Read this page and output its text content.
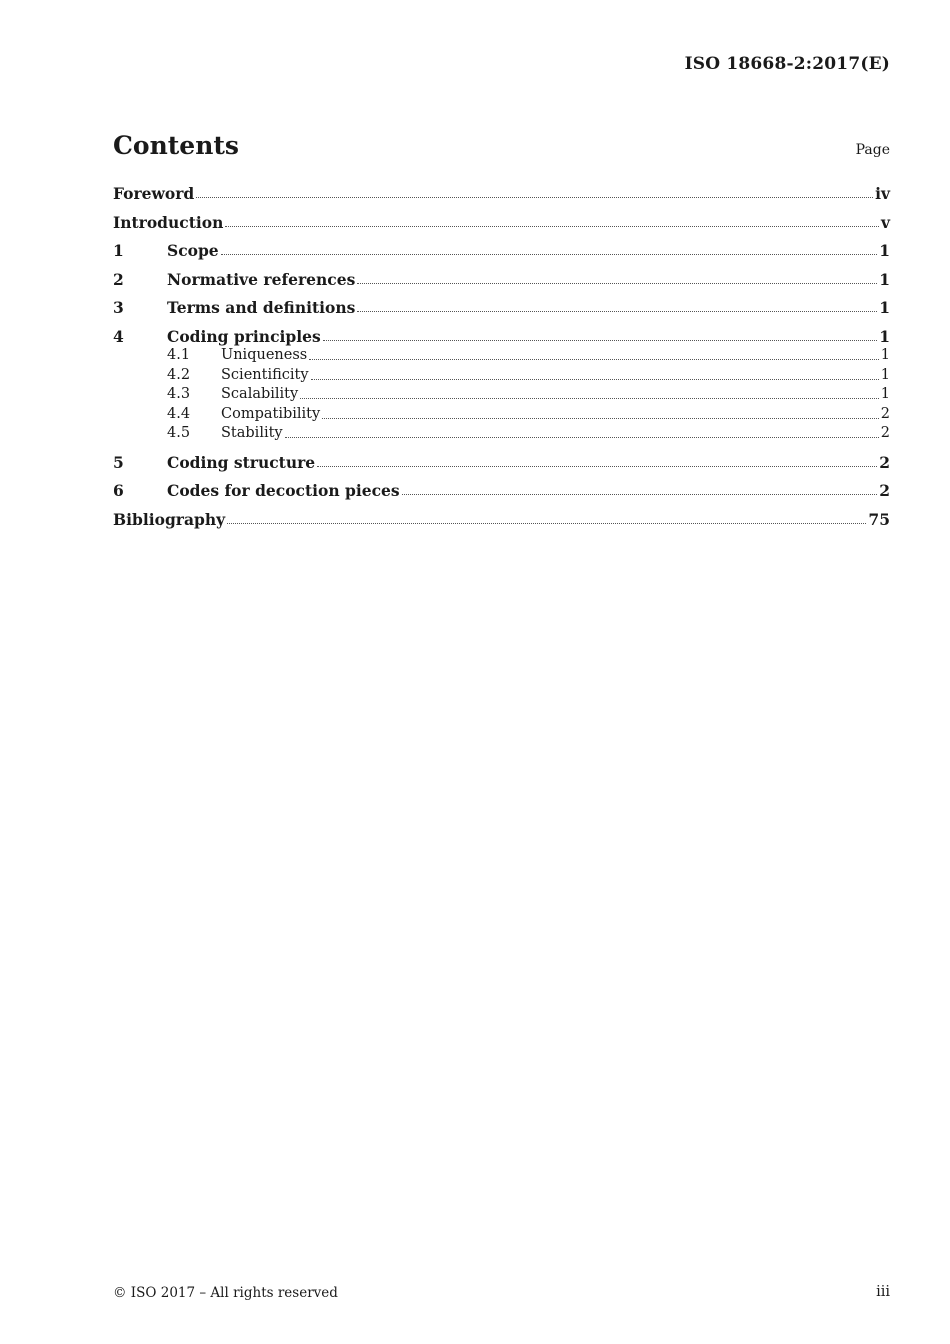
ISO 18668-2:2017(E)
Contents	Page
Foreword	iv
Introduction	v
1	Scope	1
2	Normative references	1
3	Terms and definitions	1
4	Coding principles	1
4.1	Uniqueness	1
4.2	Scientificity	1
4.3	Scalability	1
4.4	Compatibility	2
4.5	Stability	2
5	Coding structure	2
6	Codes for decoction pieces	2
Bibliography	75
© ISO 2017 – All rights reserved	iii
